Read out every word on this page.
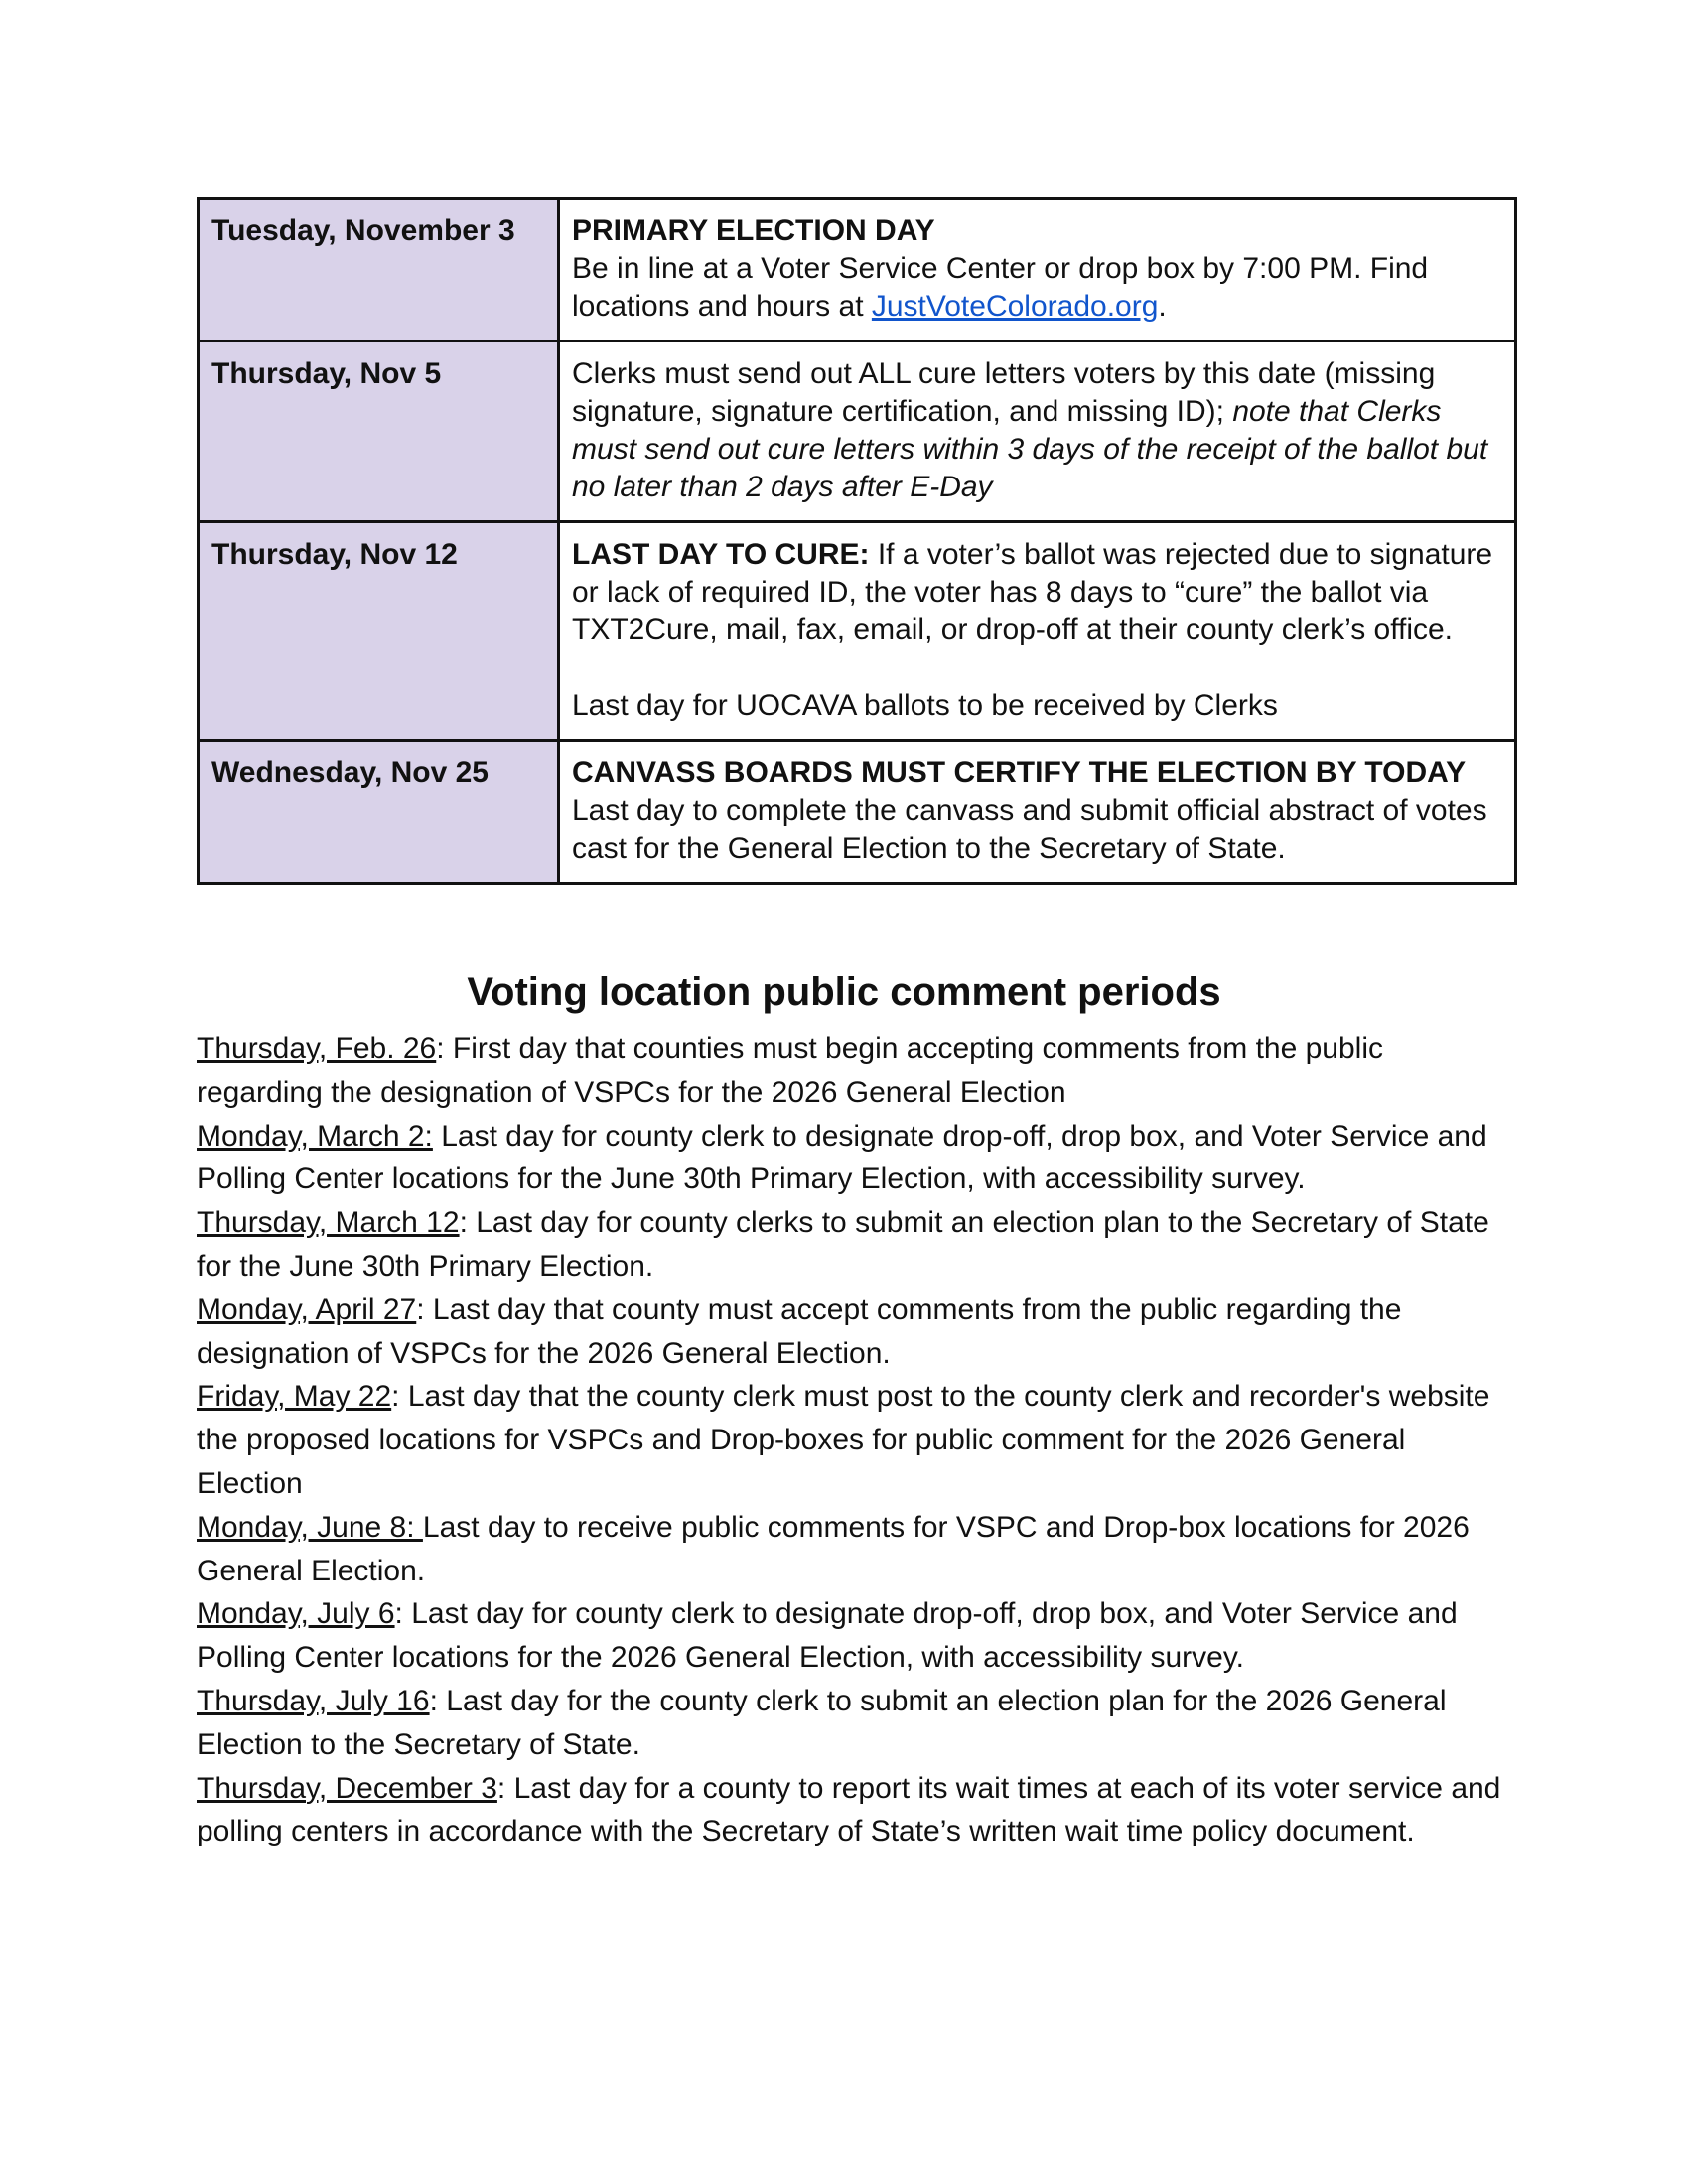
Tuesday, November 3	PRIMARY ELECTION DAY
Be in line at a Voter Service Center or drop box by 7:00 PM. Find locations and hours at JustVoteColorado.org.

Thursday, Nov 5	Clerks must send out ALL cure letters voters by this date (missing signature, signature certification, and missing ID); note that Clerks must send out cure letters within 3 days of the receipt of the ballot but no later than 2 days after E-Day
Thursday, Nov 12	LAST DAY TO CURE: If a voter’s ballot was rejected due to signature or lack of required ID, the voter has 8 days to “cure” the ballot via TXT2Cure, mail, fax, email, or drop-off at their county clerk’s office.
Last day for UOCAVA ballots to be received by Clerks

Wednesday, Nov 25	CANVASS BOARDS MUST CERTIFY THE ELECTION BY TODAY
Last day to complete the canvass and submit official abstract of votes cast for the General Election to the Secretary of State.
Voting location public comment periods

Thursday, Feb. 26: First day that counties must begin accepting comments from the public regarding the designation of VSPCs for the 2026 General Election

Monday, March 2: Last day for county clerk to designate drop-off, drop box, and Voter Service and Polling Center locations for the June 30th Primary Election, with accessibility survey.

Thursday, March 12: Last day for county clerks to submit an election plan to the Secretary of State for the June 30th Primary Election.

Monday, April 27: Last day that county must accept comments from the public regarding the designation of VSPCs for the 2026 General Election.

Friday, May 22: Last day that the county clerk must post to the county clerk and recorder's website the proposed locations for VSPCs and Drop-boxes for public comment for the 2026 General Election

Monday, June 8: Last day to receive public comments for VSPC and Drop-box locations for 2026 General Election.

Monday, July 6: Last day for county clerk to designate drop-off, drop box, and Voter Service and Polling Center locations for the 2026 General Election, with accessibility survey.

Thursday, July 16: Last day for the county clerk to submit an election plan for the 2026 General Election to the Secretary of State.

Thursday, December 3: Last day for a county to report its wait times at each of its voter service and polling centers in accordance with the Secretary of State’s written wait time policy document.
